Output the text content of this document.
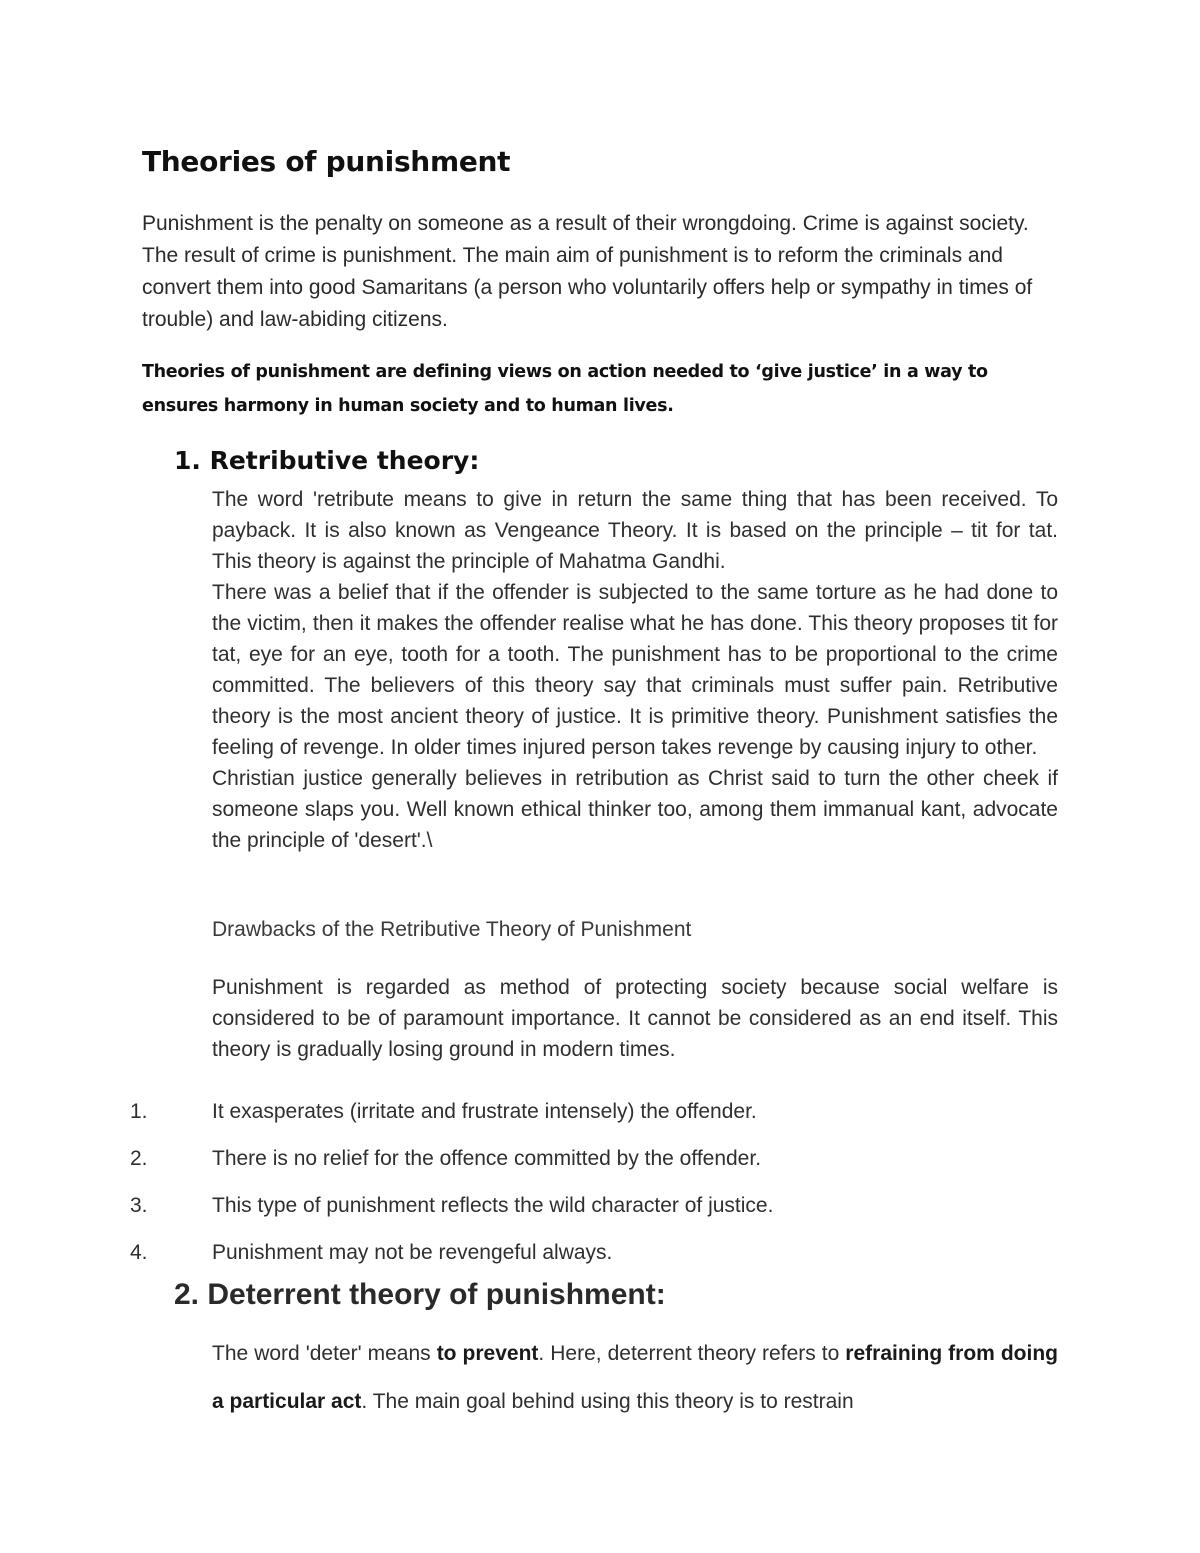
Theories of punishment

Punishment is the penalty on someone as a result of their wrongdoing. Crime is against society. The result of crime is punishment. The main aim of punishment is to reform the criminals and convert them into good Samaritans (a person who voluntarily offers help or sympathy in times of trouble) and law-abiding citizens.

Theories of punishment are defining views on action needed to ‘give justice’ in a way to ensures harmony in human society and to human lives.

1. Retributive theory:

The word 'retribute means to give in return the same thing that has been received. To payback. It is also known as Vengeance Theory. It is based on the principle – tit for tat. This theory is against the principle of Mahatma Gandhi.

There was a belief that if the offender is subjected to the same torture as he had done to the victim, then it makes the offender realise what he has done. This theory proposes tit for tat, eye for an eye, tooth for a tooth. The punishment has to be proportional to the crime committed. The believers of this theory say that criminals must suffer pain. Retributive theory is the most ancient theory of justice. It is primitive theory. Punishment satisfies the feeling of revenge. In older times injured person takes revenge by causing injury to other.

Christian justice generally believes in retribution as Christ said to turn the other cheek if someone slaps you. Well known ethical thinker too, among them immanual kant, advocate the principle of 'desert'.\

Drawbacks of the Retributive Theory of Punishment

Punishment is regarded as method of protecting society because social welfare is considered to be of paramount importance. It cannot be considered as an end itself. This theory is gradually losing ground in modern times.

1.	It exasperates (irritate and frustrate intensely) the offender.
2.	There is no relief for the offence committed by the offender.
3.	This type of punishment reflects the wild character of justice.
4.	Punishment may not be revengeful always.
2. Deterrent theory of punishment:

The word 'deter' means to prevent. Here, deterrent theory refers to refraining from doing a particular act. The main goal behind using this theory is to restrain
